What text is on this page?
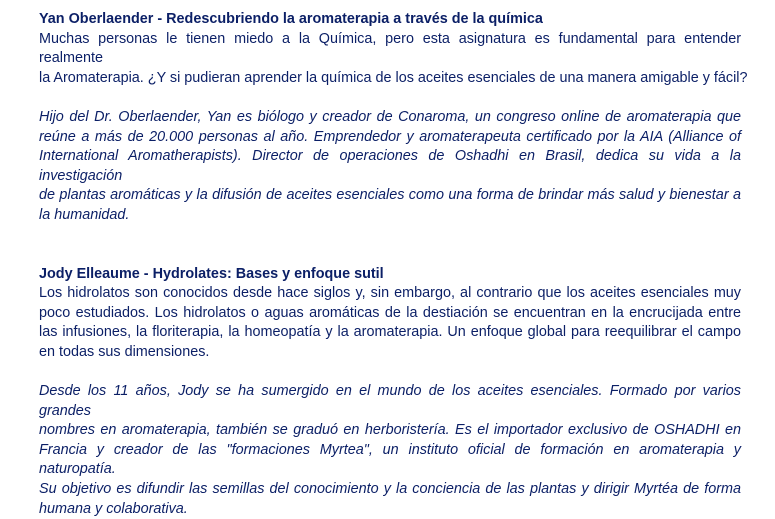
Yan Oberlaender - Redescubriendo la aromaterapia a través de la química

Muchas personas le tienen miedo a la Química, pero esta asignatura es fundamental para entender realmente
la Aromaterapia. ¿Y si pudieran aprender la química de los aceites esenciales de una manera amigable y fácil?

Hijo del Dr. Oberlaender, Yan es biólogo y creador de Conaroma, un congreso online de aromaterapia que
reúne a más de 20.000 personas al año. Emprendedor y aromaterapeuta certificado por la AIA (Alliance of
International Aromatherapists). Director de operaciones de Oshadhi en Brasil, dedica su vida a la investigación
de plantas aromáticas y la difusión de aceites esenciales como una forma de brindar más salud y bienestar a
la humanidad.

Jody Elleaume - Hydrolates: Bases y enfoque sutil

Los hidrolatos son conocidos desde hace siglos y, sin embargo, al contrario que los aceites esenciales muy
poco estudiados. Los hidrolatos o aguas aromáticas de la destiación se encuentran en la encrucijada entre
las infusiones, la floriterapia, la homeopatía y la aromaterapia. Un enfoque global para reequilibrar el campo
en todas sus dimensiones.

Desde los 11 años, Jody se ha sumergido en el mundo de los aceites esenciales. Formado por varios grandes
nombres en aromaterapia, también se graduó en herboristería. Es el importador exclusivo de OSHADHI en
Francia y creador de las "formaciones Myrtea", un instituto oficial de formación en aromaterapia y
naturopatía.
Su objetivo es difundir las semillas del conocimiento y la conciencia de las plantas y dirigir Myrtéa de forma
humana y colaborativa.
